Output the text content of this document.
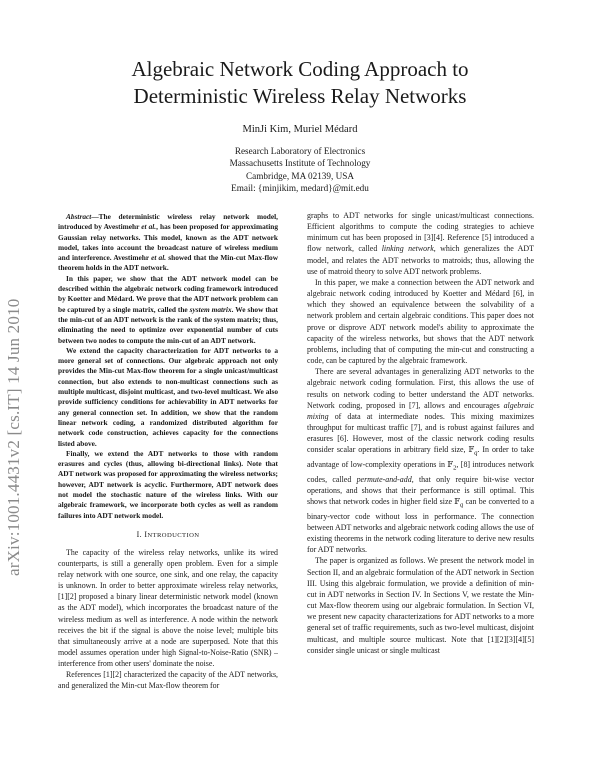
arXiv:1001.4431v2 [cs.IT] 14 Jun 2010
Algebraic Network Coding Approach to
Deterministic Wireless Relay Networks
MinJi Kim, Muriel Médard
Research Laboratory of Electronics
Massachusetts Institute of Technology
Cambridge, MA 02139, USA
Email: {minjikim, medard}@mit.edu

Abstract—The deterministic wireless relay network model, introduced by Avestimehr et al., has been proposed for approximating Gaussian relay networks. This model, known as the ADT network model, takes into account the broadcast nature of wireless medium and interference. Avestimehr et al. showed that the Min-cut Max-flow theorem holds in the ADT network.

In this paper, we show that the ADT network model can be described within the algebraic network coding framework introduced by Koetter and Médard. We prove that the ADT network problem can be captured by a single matrix, called the system matrix. We show that the min-cut of an ADT network is the rank of the system matrix; thus, eliminating the need to optimize over exponential number of cuts between two nodes to compute the min-cut of an ADT network.

We extend the capacity characterization for ADT networks to a more general set of connections. Our algebraic approach not only provides the Min-cut Max-flow theorem for a single unicast/multicast connection, but also extends to non-multicast connections such as multiple multicast, disjoint multicast, and two-level multicast. We also provide sufficiency conditions for achievability in ADT networks for any general connection set. In addition, we show that the random linear network coding, a randomized distributed algorithm for network code construction, achieves capacity for the connections listed above.

Finally, we extend the ADT networks to those with random erasures and cycles (thus, allowing bi-directional links). Note that ADT network was proposed for approximating the wireless networks; however, ADT network is acyclic. Furthermore, ADT network does not model the stochastic nature of the wireless links. With our algebraic framework, we incorporate both cycles as well as random failures into ADT network model.

I. INTRODUCTION

The capacity of the wireless relay networks, unlike its wired counterparts, is still a generally open problem. Even for a simple relay network with one source, one sink, and one relay, the capacity is unknown. In order to better approximate wireless relay networks, [1][2] proposed a binary linear deterministic network model (known as the ADT model), which incorporates the broadcast nature of the wireless medium as well as interference. A node within the network receives the bit if the signal is above the noise level; multiple bits that simultaneously arrive at a node are superposed. Note that this model assumes operation under high Signal-to-Noise-Ratio (SNR) – interference from other users' dominate the noise.

References [1][2] characterized the capacity of the ADT networks, and generalized the Min-cut Max-flow theorem for

graphs to ADT networks for single unicast/multicast connections. Efficient algorithms to compute the coding strategies to achieve minimum cut has been proposed in [3][4]. Reference [5] introduced a flow network, called linking network, which generalizes the ADT model, and relates the ADT networks to matroids; thus, allowing the use of matroid theory to solve ADT network problems.

In this paper, we make a connection between the ADT network and algebraic network coding introduced by Koetter and Médard [6], in which they showed an equivalence between the solvability of a network problem and certain algebraic conditions. This paper does not prove or disprove ADT network model's ability to approximate the capacity of the wireless networks, but shows that the ADT network problems, including that of computing the min-cut and constructing a code, can be captured by the algebraic framework.

There are several advantages in generalizing ADT networks to the algebraic network coding formulation. First, this allows the use of results on network coding to better understand the ADT networks. Network coding, proposed in [7], allows and encourages algebraic mixing of data at intermediate nodes. This mixing maximizes throughput for multicast traffic [7], and is robust against failures and erasures [6]. However, most of the classic network coding results consider scalar operations in arbitrary field size, 𝔽$_q$. In order to take advantage of low-complexity operations in 𝔽$_2$, [8] introduces network codes, called permute-and-add, that only require bit-wise vector operations, and shows that their performance is still optimal. This shows that network codes in higher field size 𝔽$_q$ can be converted to a binary-vector code without loss in performance. The connection between ADT networks and algebraic network coding allows the use of existing theorems in the network coding literature to derive new results for ADT networks.

The paper is organized as follows. We present the network model in Section II, and an algebraic formulation of the ADT network in Section III. Using this algebraic formulation, we provide a definition of min-cut in ADT networks in Section IV. In Sections V, we restate the Min-cut Max-flow theorem using our algebraic formulation. In Section VI, we present new capacity characterizations for ADT networks to a more general set of traffic requirements, such as two-level multicast, disjoint multicast, and multiple source multicast. Note that [1][2][3][4][5] consider single unicast or single multicast
